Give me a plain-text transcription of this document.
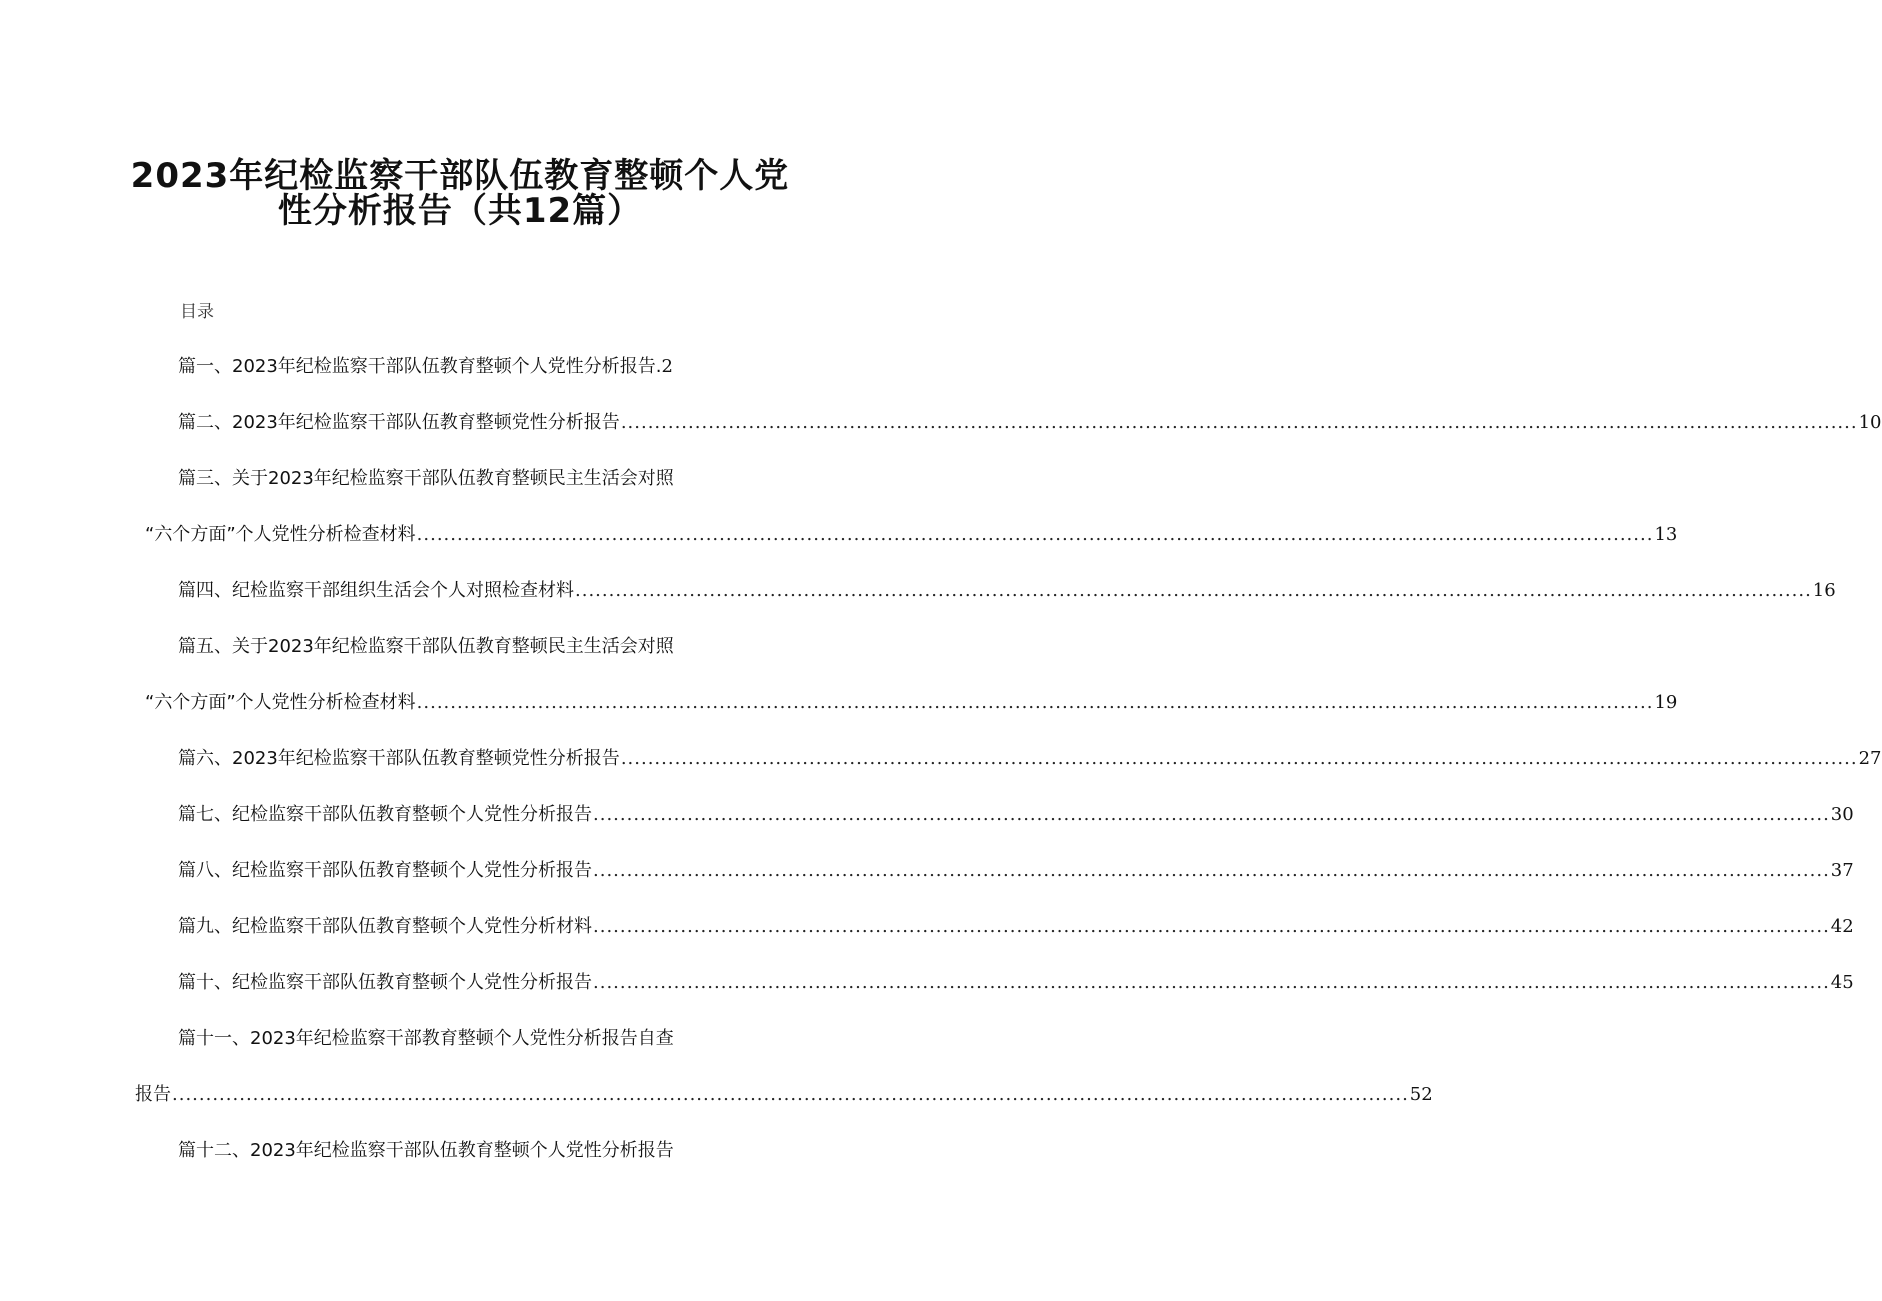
2023年纪检监察干部队伍教育整顿个人党
性分析报告（共12篇）
目录
篇一、2023年纪检监察干部队伍教育整顿个人党性分析报告. 2
篇二、2023年纪检监察干部队伍教育整顿党性分析报告 ........................................................................................................................................................................................ 10
篇三、关于2023年纪检监察干部队伍教育整顿民主生活会对照
“六个方面”个人党性分析检查材料 ........................................................................................................................................................................................ 13
篇四、纪检监察干部组织生活会个人对照检查材料 ........................................................................................................................................................................................ 16
篇五、关于2023年纪检监察干部队伍教育整顿民主生活会对照
“六个方面”个人党性分析检查材料 ........................................................................................................................................................................................ 19
篇六、2023年纪检监察干部队伍教育整顿党性分析报告 ........................................................................................................................................................................................ 27
篇七、纪检监察干部队伍教育整顿个人党性分析报告 ........................................................................................................................................................................................ 30
篇八、纪检监察干部队伍教育整顿个人党性分析报告 ........................................................................................................................................................................................ 37
篇九、纪检监察干部队伍教育整顿个人党性分析材料 ........................................................................................................................................................................................ 42
篇十、纪检监察干部队伍教育整顿个人党性分析报告 ........................................................................................................................................................................................ 45
篇十一、2023年纪检监察干部教育整顿个人党性分析报告自查
报告 ........................................................................................................................................................................................ 52
篇十二、2023年纪检监察干部队伍教育整顿个人党性分析报告
